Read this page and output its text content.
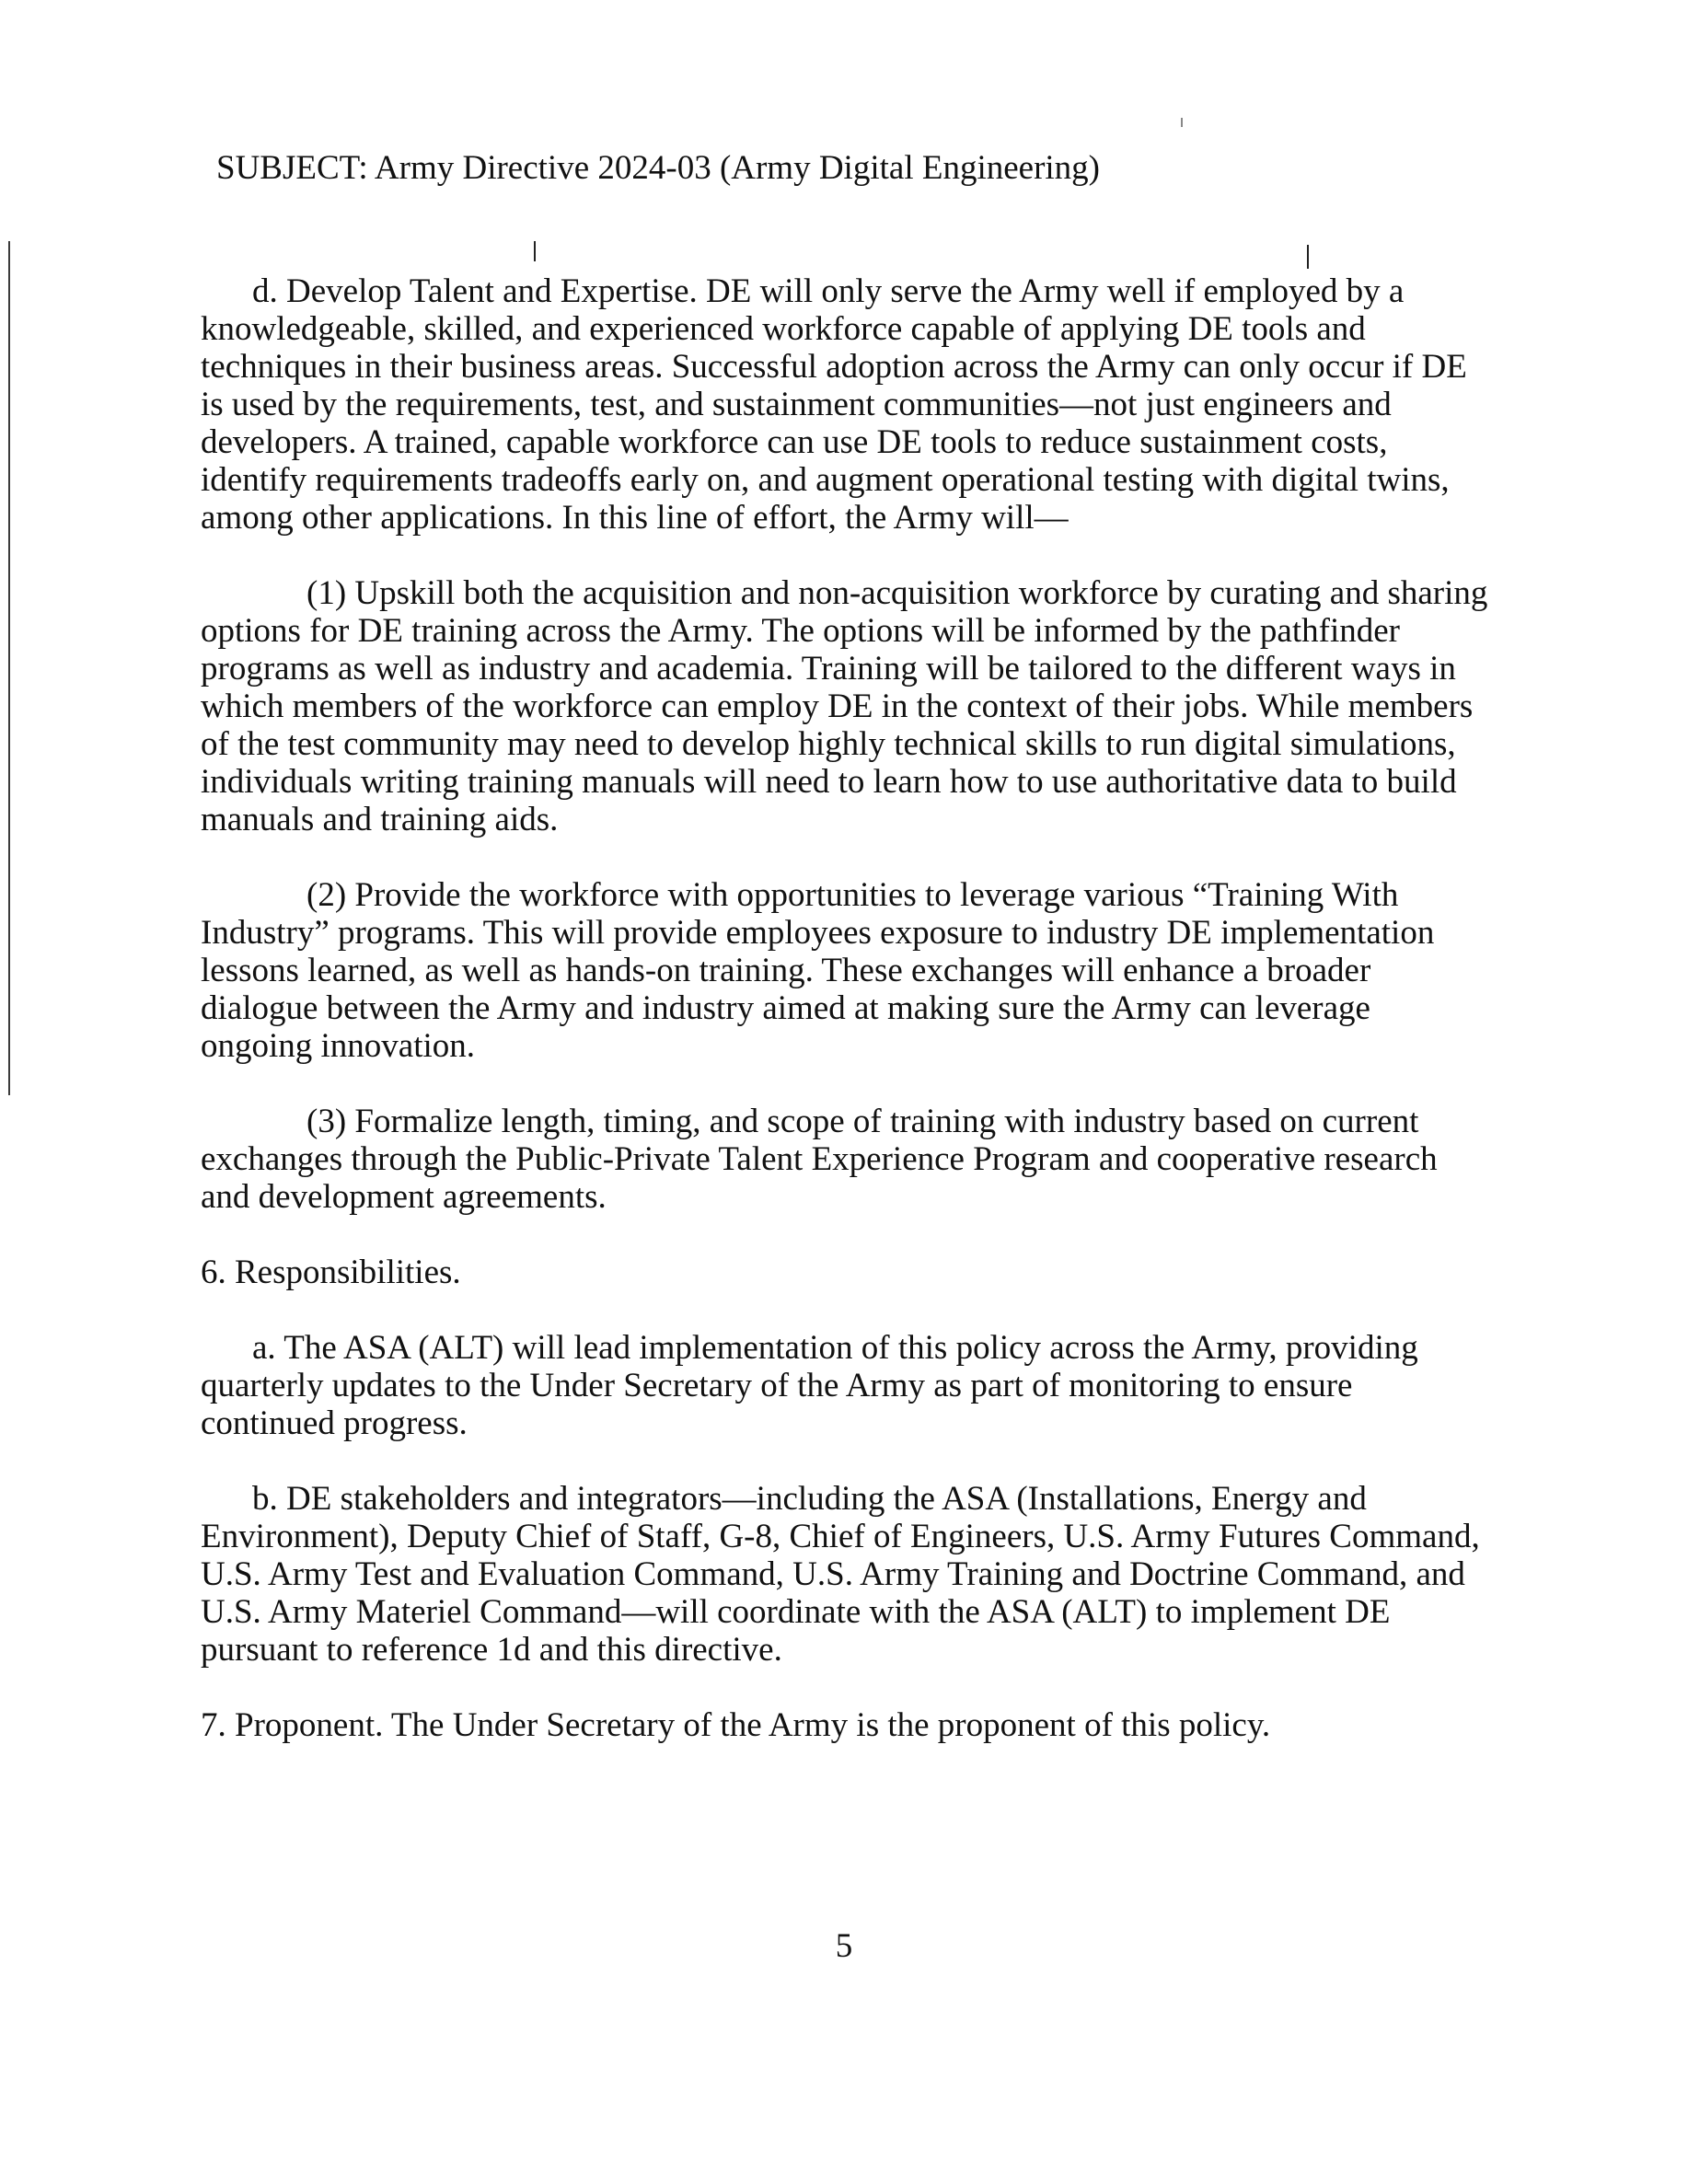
SUBJECT: Army Directive 2024-03 (Army Digital Engineering)

d. Develop Talent and Expertise. DE will only serve the Army well if employed by a knowledgeable, skilled, and experienced workforce capable of applying DE tools and techniques in their business areas. Successful adoption across the Army can only occur if DE is used by the requirements, test, and sustainment communities—not just engineers and developers. A trained, capable workforce can use DE tools to reduce sustainment costs, identify requirements tradeoffs early on, and augment operational testing with digital twins, among other applications. In this line of effort, the Army will—

(1) Upskill both the acquisition and non-acquisition workforce by curating and sharing options for DE training across the Army. The options will be informed by the pathfinder programs as well as industry and academia. Training will be tailored to the different ways in which members of the workforce can employ DE in the context of their jobs. While members of the test community may need to develop highly technical skills to run digital simulations, individuals writing training manuals will need to learn how to use authoritative data to build manuals and training aids.

(2) Provide the workforce with opportunities to leverage various “Training With Industry” programs. This will provide employees exposure to industry DE implementation lessons learned, as well as hands-on training. These exchanges will enhance a broader dialogue between the Army and industry aimed at making sure the Army can leverage ongoing innovation.

(3) Formalize length, timing, and scope of training with industry based on current exchanges through the Public-Private Talent Experience Program and cooperative research and development agreements.

6. Responsibilities.

a. The ASA (ALT) will lead implementation of this policy across the Army, providing quarterly updates to the Under Secretary of the Army as part of monitoring to ensure continued progress.

b. DE stakeholders and integrators—including the ASA (Installations, Energy and Environment), Deputy Chief of Staff, G-8, Chief of Engineers, U.S. Army Futures Command, U.S. Army Test and Evaluation Command, U.S. Army Training and Doctrine Command, and U.S. Army Materiel Command—will coordinate with the ASA (ALT) to implement DE pursuant to reference 1d and this directive.

7. Proponent. The Under Secretary of the Army is the proponent of this policy.

5
